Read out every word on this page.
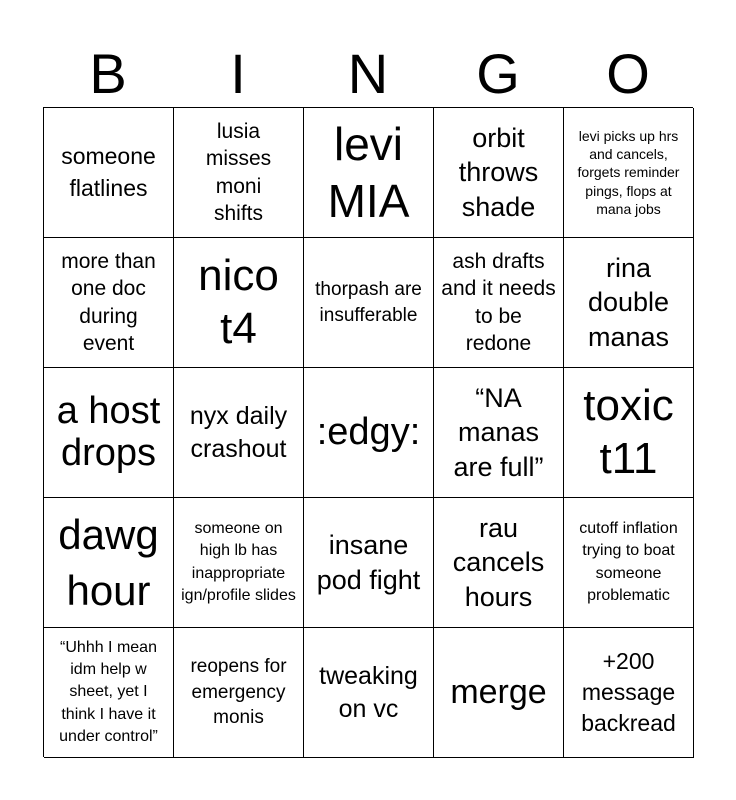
B	I	N	G	O
someone flatlines
lusia misses moni shifts
levi MIA
orbit throws shade
levi picks up hrs and cancels, forgets reminder pings, flops at mana jobs
more than one doc during event
nico t4
thorpash are insufferable
ash drafts and it needs to be redone
rina double manas
a host drops
nyx daily crashout :edgy:
“NA manas are full”
toxic t11
dawg hour
someone on high lb has inappropriate ign/profile slides
insane pod fight
rau cancels hours
cutoff inflation trying to boat someone problematic
“Uhhh I mean idm help w sheet, yet I think I have it under control”
reopens for emergency monis
tweaking on vc	merge
+200 message backread
